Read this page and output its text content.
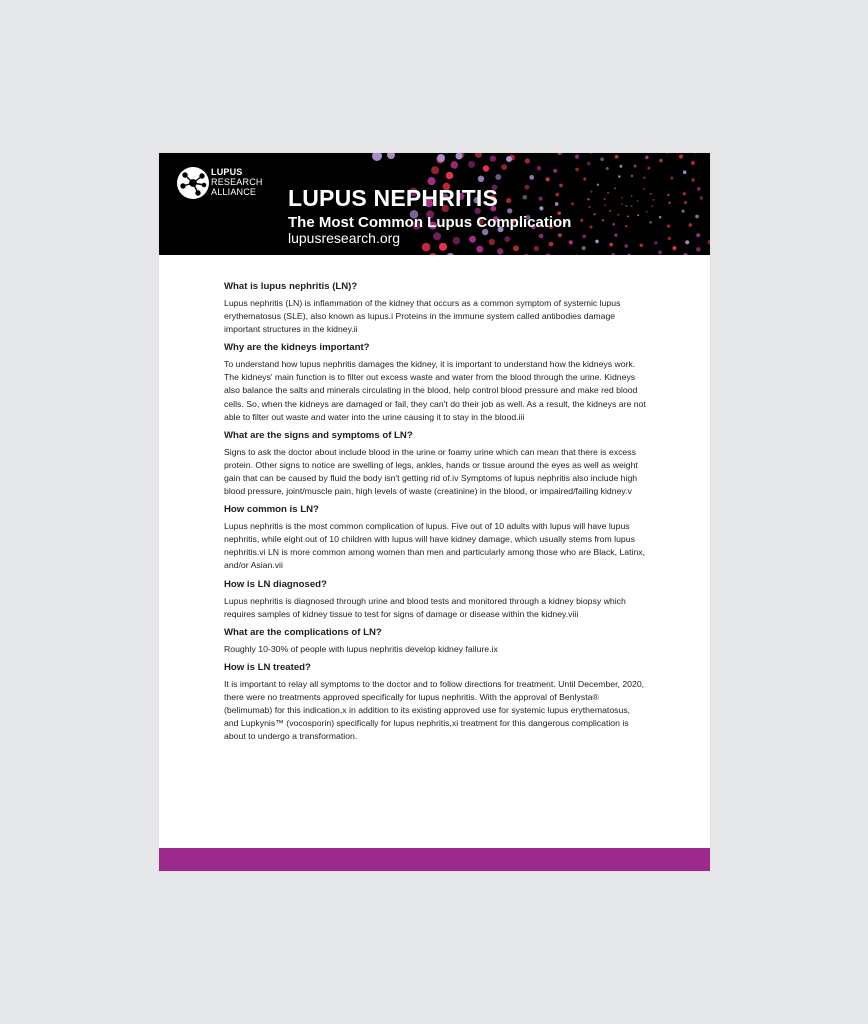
LUPUS
RESEARCH
ALLIANCE LUPUS NEPHRITIS
The Most Common Lupus Complication
lupusresearch.org
What is lupus nephritis (LN)?

Lupus nephritis (LN) is inflammation of the kidney that occurs as a common symptom of systemic lupus erythematosus (SLE), also known as lupus.i Proteins in the immune system called antibodies damage important structures in the kidney.ii

Why are the kidneys important?

To understand how lupus nephritis damages the kidney, it is important to understand how the kidneys work. The kidneys' main function is to filter out excess waste and water from the blood through the urine. Kidneys also balance the salts and minerals circulating in the blood, help control blood pressure and make red blood cells. So, when the kidneys are damaged or fail, they can't do their job as well. As a result, the kidneys are not able to filter out waste and water into the urine causing it to stay in the blood.iii

What are the signs and symptoms of LN?

Signs to ask the doctor about include blood in the urine or foamy urine which can mean that there is excess protein. Other signs to notice are swelling of legs, ankles, hands or tissue around the eyes as well as weight gain that can be caused by fluid the body isn't getting rid of.iv Symptoms of lupus nephritis also include high blood pressure, joint/muscle pain, high levels of waste (creatinine) in the blood, or impaired/failing kidney.v

How common is LN?

Lupus nephritis is the most common complication of lupus. Five out of 10 adults with lupus will have lupus nephritis, while eight out of 10 children with lupus will have kidney damage, which usually stems from lupus nephritis.vi LN is more common among women than men and particularly among those who are Black, Latinx, and/or Asian.vii

How is LN diagnosed?

Lupus nephritis is diagnosed through urine and blood tests and monitored through a kidney biopsy which requires samples of kidney tissue to test for signs of damage or disease within the kidney.viii

What are the complications of LN?

Roughly 10-30% of people with lupus nephritis develop kidney failure.ix

How is LN treated?

It is important to relay all symptoms to the doctor and to follow directions for treatment. Until December, 2020, there were no treatments approved specifically for lupus nephritis. With the approval of Benlysta® (belimumab) for this indication,x in addition to its existing approved use for systemic lupus erythematosus, and Lupkynis™ (vocosporin) specifically for lupus nephritis,xi treatment for this dangerous complication is about to undergo a transformation.
